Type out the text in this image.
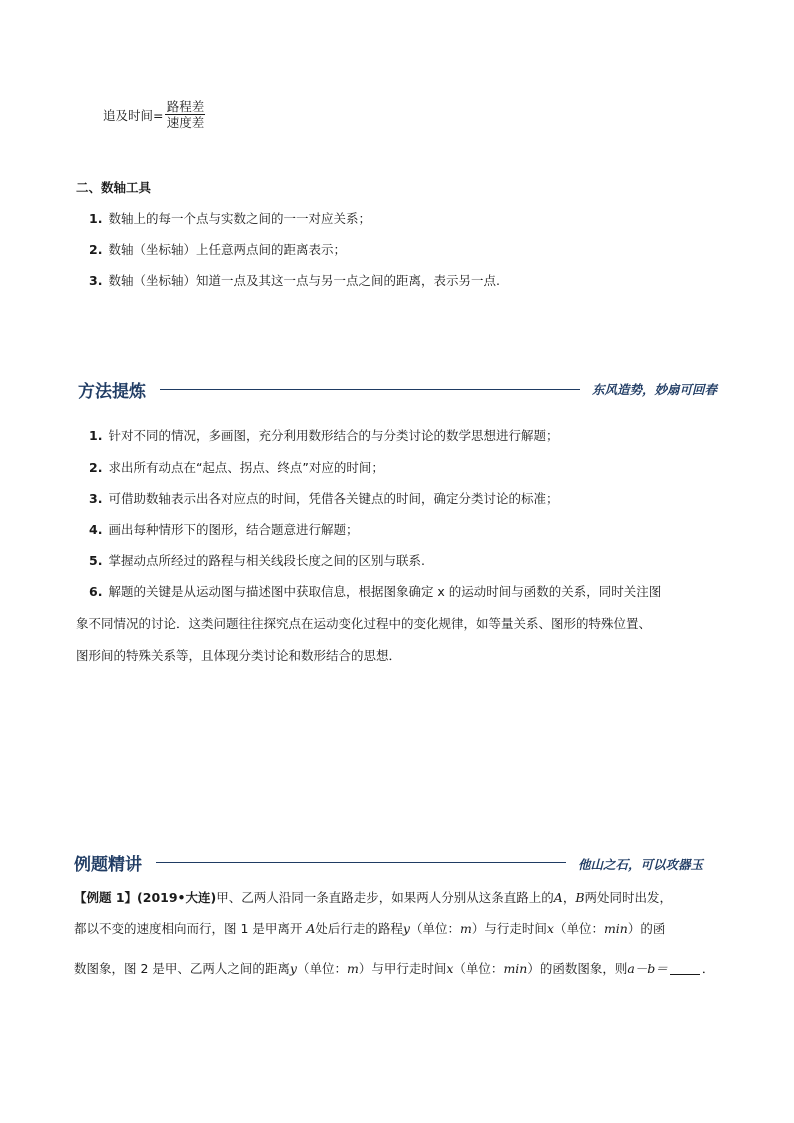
追及时间= $\frac{\text{路程差}}{\text{速度差}}$
二、数轴工具
1. 数轴上的每一个点与实数之间的一一对应关系；
2. 数轴（坐标轴）上任意两点间的距离表示；
3. 数轴（坐标轴）知道一点及其这一点与另一点之间的距离，表示另一点.
方法提炼	东风造势，妙扇可回春
1. 针对不同的情况，多画图，充分利用数形结合的与分类讨论的数学思想进行解题；
2. 求出所有动点在“起点、拐点、终点”对应的时间；
3. 可借助数轴表示出各对应点的时间，凭借各关键点的时间，确定分类讨论的标准；
4. 画出每种情形下的图形，结合题意进行解题；
5. 掌握动点所经过的路程与相关线段长度之间的区别与联系.
6. 解题的关键是从运动图与描述图中获取信息，根据图象确定 x 的运动时间与函数的关系，同时关注图
象不同情况的讨论．这类问题往往探究点在运动变化过程中的变化规律，如等量关系、图形的特殊位置、
图形间的特殊关系等，且体现分类讨论和数形结合的思想．
例题精讲	他山之石，可以攻器玉
【例题 1】(2019•大连)甲、乙两人沿同一条直路走步，如果两人分别从这条直路上的A，B两处同时出发，
都以不变的速度相向而行，图 1 是甲离开 A处后行走的路程y（单位：m）与行走时间x（单位：min）的函
数图象，图 2 是甲、乙两人之间的距离y（单位：m）与甲行走时间x（单位：min）的函数图象，则a－b＝	．
